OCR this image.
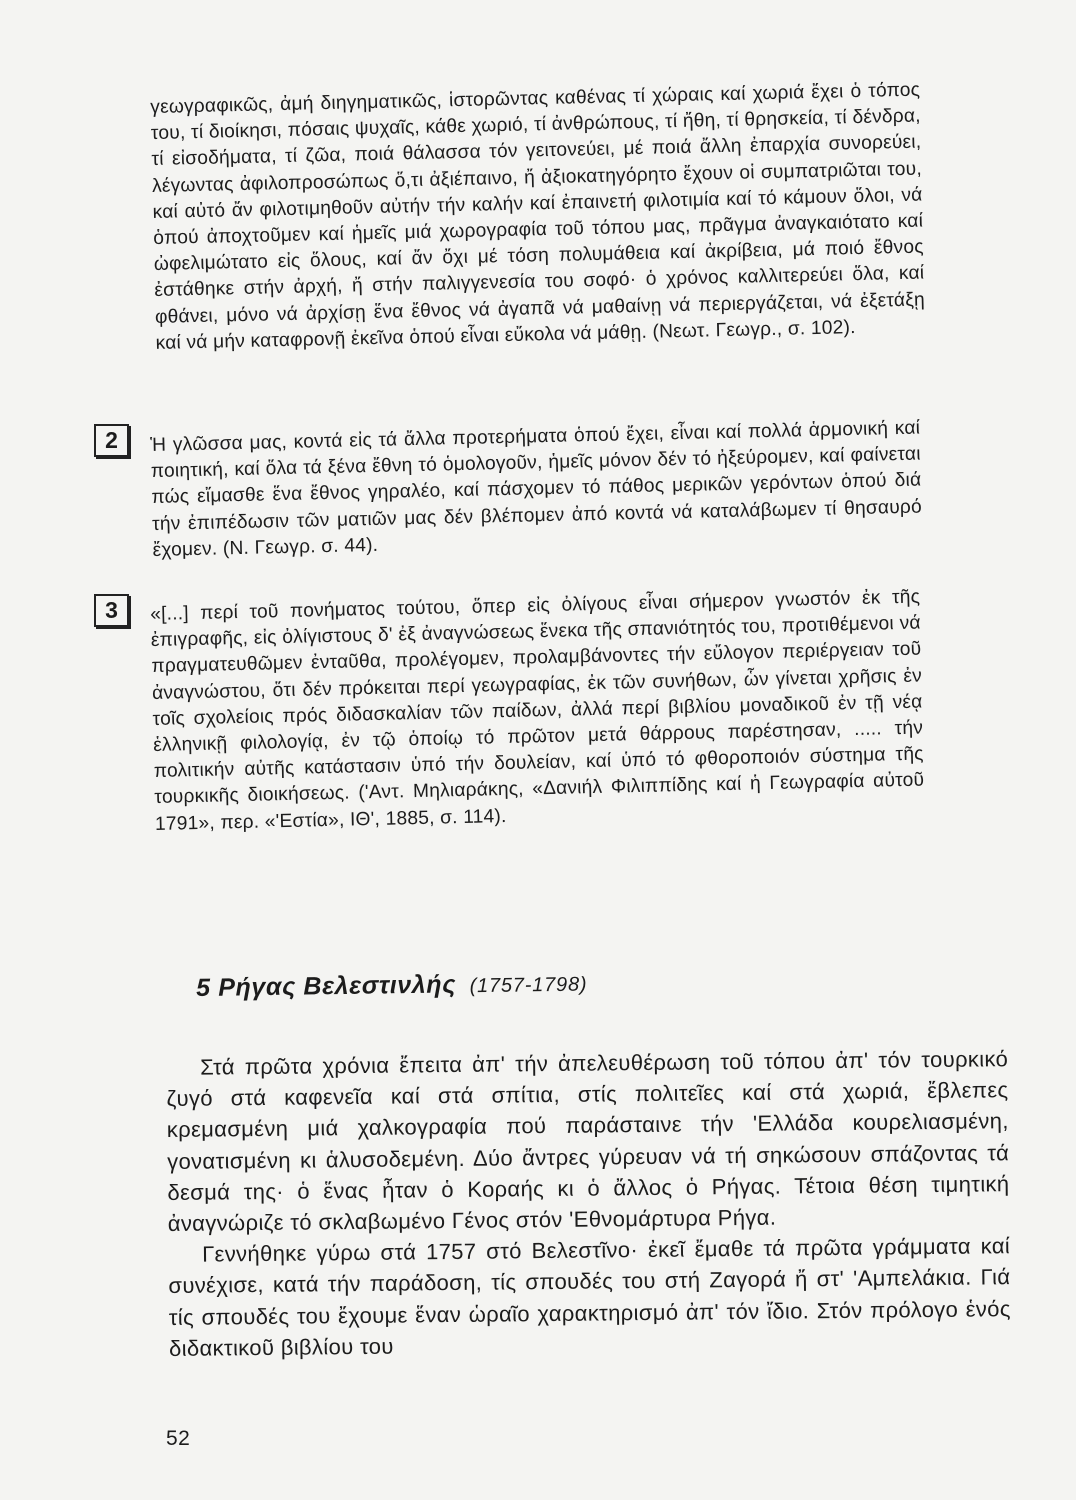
γεωγραφικῶς, ἀμή διηγηματικῶς, ἱστορῶντας καθένας τί χώραις καί χωριά ἔχει ὁ τόπος του, τί διοίκησι, πόσαις ψυχαῖς, κάθε χωριό, τί ἀνθρώπους, τί ἤθη, τί θρησκεία, τί δένδρα, τί εἰσοδήματα, τί ζῶα, ποιά θάλασσα τόν γειτονεύει, μέ ποιά ἄλλη ἐπαρχία συνορεύει, λέγωντας ἀφιλοπροσώπως ὅ,τι ἀξιέπαινο, ἤ ἀξιοκατηγόρητο ἔχουν οἱ συμπατριῶται του, καί αὐτό ἄν φιλοτιμηθοῦν αὐτήν τήν καλήν καί ἐπαινετή φιλοτιμία καί τό κάμουν ὅλοι, νά ὁπού ἀποχτοῦμεν καί ἡμεῖς μιά χωρογραφία τοῦ τόπου μας, πρᾶγμα ἀναγκαιότατο καί ὠφελιμώτατο εἰς ὅλους, καί ἄν ὄχι μέ τόση πολυμάθεια καί ἀκρίβεια, μά ποιό ἔθνος ἐστάθηκε στήν ἀρχή, ἤ στήν παλιγγενεσία του σοφό· ὁ χρόνος καλλιτερεύει ὅλα, καί φθάνει, μόνο νά ἀρχίσῃ ἕνα ἔθνος νά ἀγαπᾶ νά μαθαίνῃ νά περιεργάζεται, νά ἐξετάξῃ καί νά μήν καταφρονῇ ἐκεῖνα ὁπού εἶναι εὔκολα νά μάθῃ. (Νεωτ. Γεωγρ., σ. 102).
2	Ἡ γλῶσσα μας, κοντά εἰς τά ἄλλα προτερήματα ὁπού ἔχει, εἶναι καί πολλά ἁρμονική καί ποιητική, καί ὅλα τά ξένα ἔθνη τό ὁμολογοῦν, ἡμεῖς μόνον δέν τό ἠξεύρομεν, καί φαίνεται πώς εἴμασθε ἕνα ἔθνος γηραλέο, καί πάσχομεν τό πάθος μερικῶν γερόντων ὁπού διά τήν ἐπιπέδωσιν τῶν ματιῶν μας δέν βλέπομεν ἀπό κοντά νά καταλάβωμεν τί θησαυρό ἔχομεν. (Ν. Γεωγρ. σ. 44).
3	«[...] περί τοῦ πονήματος τούτου, ὅπερ εἰς ὀλίγους εἶναι σήμερον γνωστόν ἐκ τῆς ἐπιγραφῆς, εἰς ὀλίγιστους δ' ἐξ ἀναγνώσεως ἕνεκα τῆς σπανιότητός του, προτιθέμενοι νά πραγματευθῶμεν ἐνταῦθα, προλέγομεν, προλαμβάνοντες τήν εὔλογον περιέργειαν τοῦ ἀναγνώστου, ὅτι δέν πρόκειται περί γεωγραφίας, ἐκ τῶν συνήθων, ὧν γίνεται χρῆσις ἐν τοῖς σχολείοις πρός διδασκαλίαν τῶν παίδων, ἀλλά περί βιβλίου μοναδικοῦ ἐν τῇ νέᾳ ἑλληνικῇ φιλολογίᾳ, ἐν τῷ ὁποίῳ τό πρῶτον μετά θάρρους παρέστησαν, ..... τήν πολιτικήν αὐτῆς κατάστασιν ὑπό τήν δουλείαν, καί ὑπό τό φθοροποιόν σύστημα τῆς τουρκικῆς διοικήσεως. ('Αντ. Μηλιαράκης, «Δανιήλ Φιλιππίδης καί ἡ Γεωγραφία αὐτοῦ 1791», περ. «'Εστία», ΙΘ', 1885, σ. 114).
5 Ρήγας Βελεστινλής (1757-1798)

Στά πρῶτα χρόνια ἔπειτα ἀπ' τήν ἀπελευθέρωση τοῦ τόπου ἀπ' τόν τουρκικό ζυγό στά καφενεῖα καί στά σπίτια, στίς πολιτεῖες καί στά χωριά, ἔβλεπες κρεμασμένη μιά χαλκογραφία πού παράσταινε τήν 'Ελλάδα κουρελιασμένη, γονατισμένη κι ἁλυσοδεμένη. Δύο ἄντρες γύρευαν νά τή σηκώσουν σπάζοντας τά δεσμά της· ὁ ἕνας ἦταν ὁ Κοραής κι ὁ ἄλλος ὁ Ρήγας. Τέτοια θέση τιμητική ἀναγνώριζε τό σκλαβωμένο Γένος στόν 'Εθνομάρτυρα Ρήγα.

Γεννήθηκε γύρω στά 1757 στό Βελεστῖνο· ἐκεῖ ἔμαθε τά πρῶτα γράμματα καί συνέχισε, κατά τήν παράδοση, τίς σπουδές του στή Ζαγορά ἤ στ' 'Αμπελάκια. Γιά τίς σπουδές του ἔχουμε ἕναν ὡραῖο χαρακτηρισμό ἀπ' τόν ἴδιο. Στόν πρόλογο ἑνός διδακτικοῦ βιβλίου του

52
